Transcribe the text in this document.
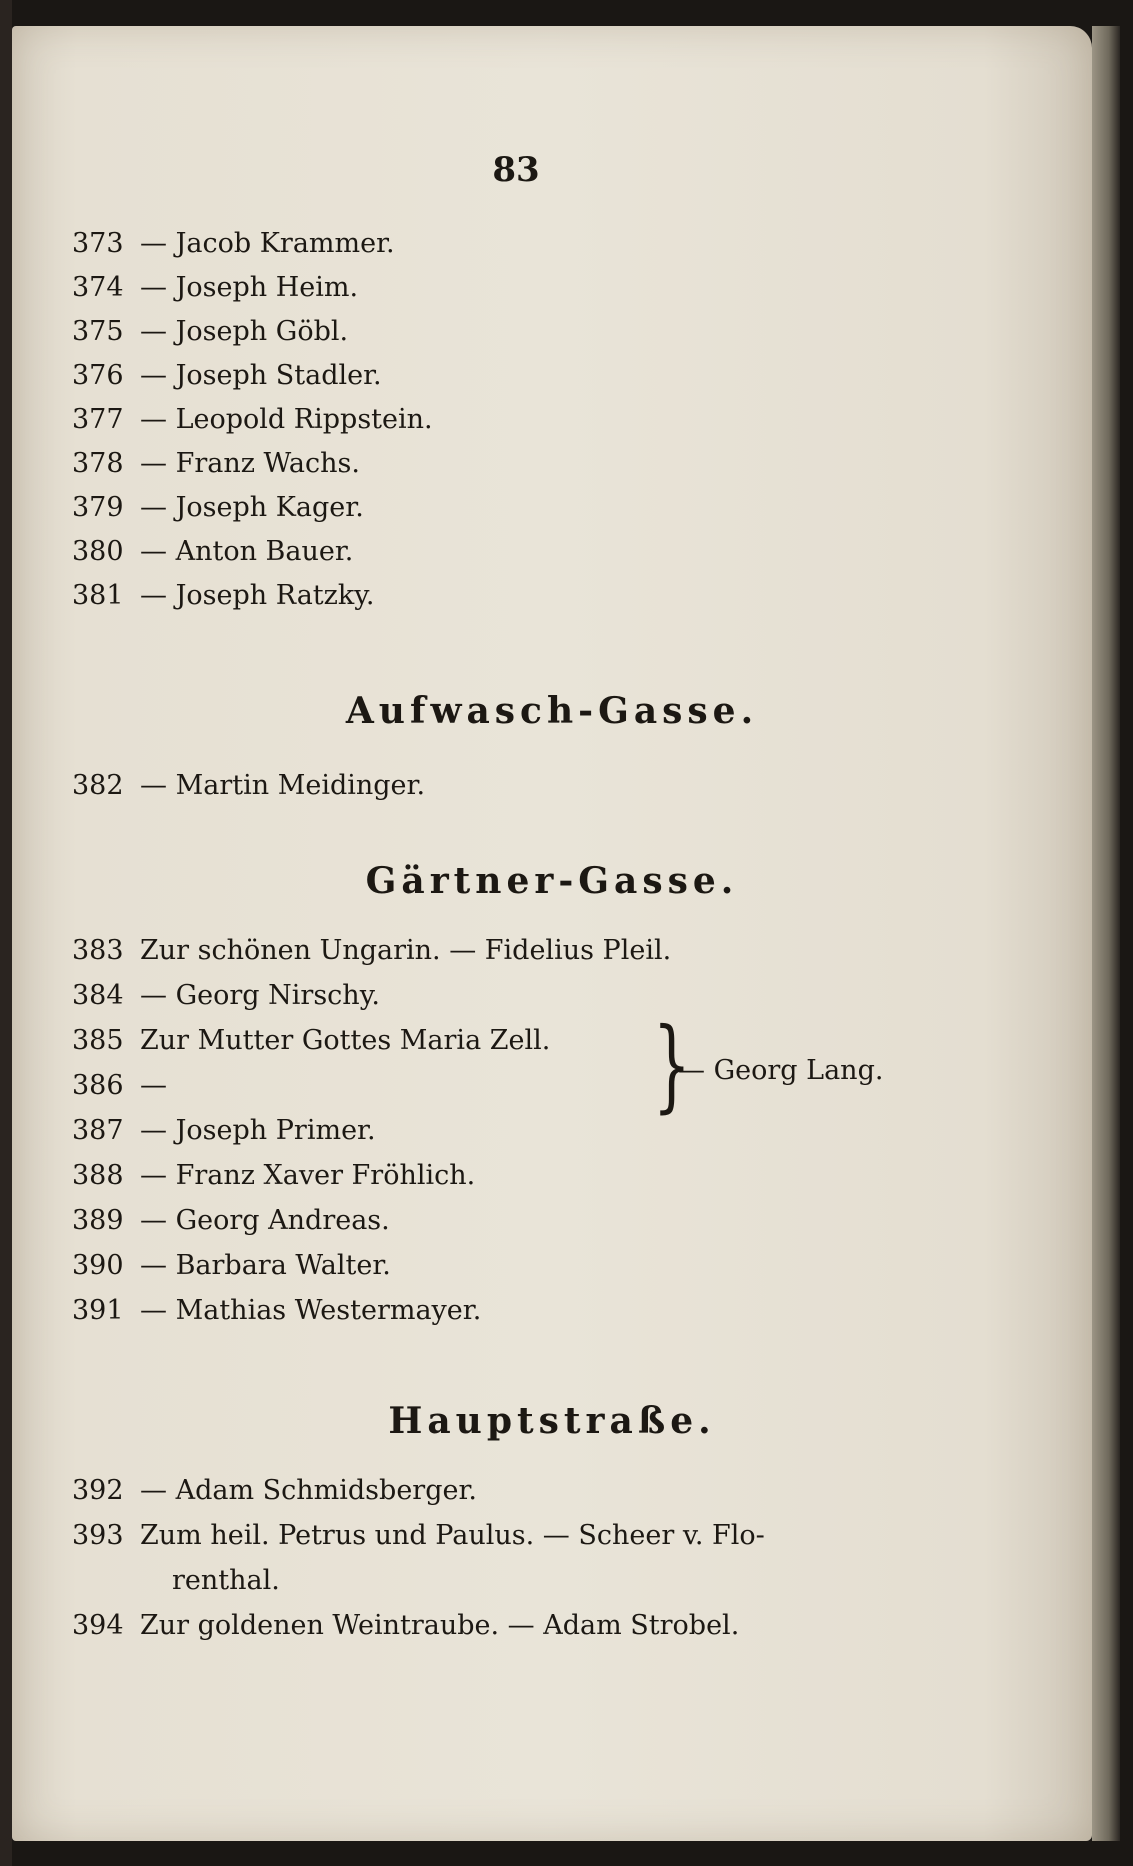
83
373 — Jacob Krammer.
374 — Joseph Heim.
375 — Joseph Göbl.
376 — Joseph Stadler.
377 — Leopold Rippstein.
378 — Franz Wachs.
379 — Joseph Kager.
380 — Anton Bauer.
381 — Joseph Ratzky.
Aufwasch-Gasse.
382 — Martin Meidinger.
Gärtner-Gasse.
383 Zur schönen Ungarin. — Fidelius Pleil.
384 — Georg Nirschy.
385 Zur Mutter Gottes Maria Zell.
386 —	}
— Georg Lang.
387 — Joseph Primer.
388 — Franz Xaver Fröhlich.
389 — Georg Andreas.
390 — Barbara Walter.
391 — Mathias Westermayer.
Hauptstraße.
392 — Adam Schmidsberger.
393 Zum heil. Petrus und Paulus. — Scheer v. Flo-
renthal.
394 Zur goldenen Weintraube. — Adam Strobel.
